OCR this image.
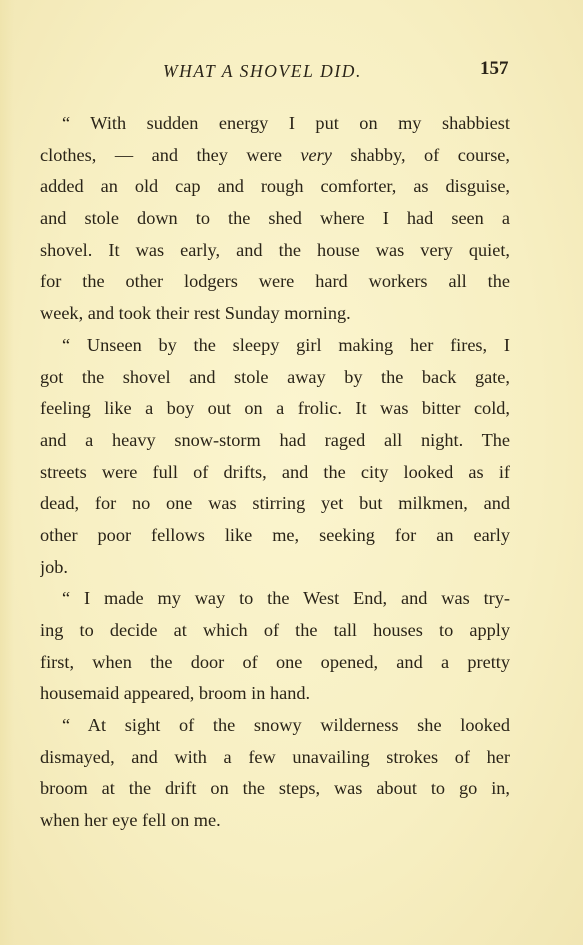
WHAT A SHOVEL DID.	157
“ With sudden energy I put on my shabbiest
clothes, — and they were very shabby, of course,
added an old cap and rough comforter, as disguise,
and stole down to the shed where I had seen a
shovel. It was early, and the house was very quiet,
for the other lodgers were hard workers all the
week, and took their rest Sunday morning.
“ Unseen by the sleepy girl making her fires, I
got the shovel and stole away by the back gate,
feeling like a boy out on a frolic. It was bitter cold,
and a heavy snow-storm had raged all night. The
streets were full of drifts, and the city looked as if
dead, for no one was stirring yet but milkmen, and
other poor fellows like me, seeking for an early
job.
“ I made my way to the West End, and was try-
ing to decide at which of the tall houses to apply
first, when the door of one opened, and a pretty
housemaid appeared, broom in hand.
“ At sight of the snowy wilderness she looked
dismayed, and with a few unavailing strokes of her
broom at the drift on the steps, was about to go in,
when her eye fell on me.
